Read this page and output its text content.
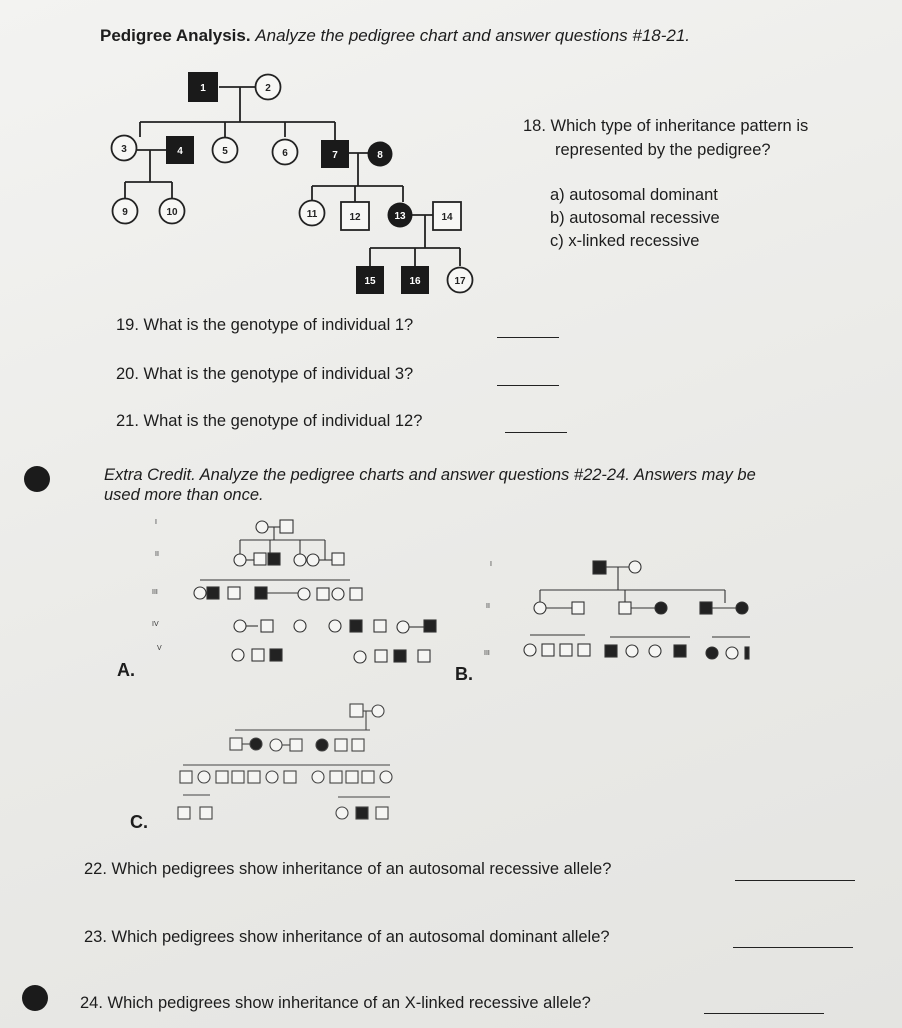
Pedigree Analysis. Analyze the pedigree chart and answer questions #18-21.
1	2
3	4	5	6	7	8
9	10	11	12	13	14
15	16	17
18. Which type of inheritance pattern is
represented by the pedigree?
a) autosomal dominant
b) autosomal recessive
c) x-linked recessive
19. What is the genotype of individual 1?
20. What is the genotype of individual 3?
21. What is the genotype of individual 12?
Extra Credit. Analyze the pedigree charts and answer questions #22-24. Answers may be
used more than once.
I
II
III
IV
V
A.	B.
I
II
III
C.
22. Which pedigrees show inheritance of an autosomal recessive allele?
23. Which pedigrees show inheritance of an autosomal dominant allele?
24. Which pedigrees show inheritance of an X-linked recessive allele?
